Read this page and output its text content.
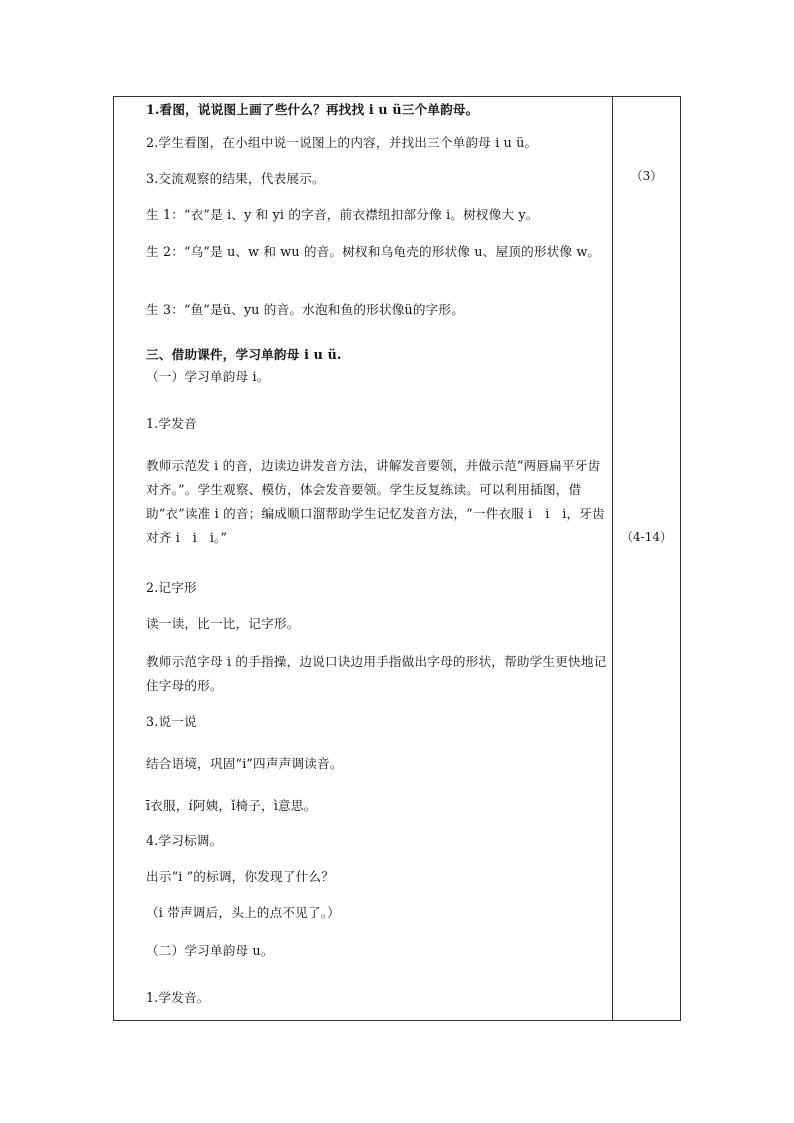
1.看图，说说图上画了些什么？再找找 i u ü三个单韵母。
2.学生看图，在小组中说一说图上的内容，并找出三个单韵母 i u ü。
3.交流观察的结果，代表展示。
生 1：“衣”是 i、y 和 yi 的字音，前衣襟纽扣部分像 i。树杈像大 y。
生 2：“乌”是 u、w 和 wu 的音。树杈和乌龟壳的形状像 u、屋顶的形状像 w。
生 3：“鱼”是ü、yu 的音。水泡和鱼的形状像ü的字形。
三、借助课件，学习单韵母 i u ü.
（一）学习单韵母 i。
1.学发音
教师示范发 i 的音，边读边讲发音方法，讲解发音要领，并做示范“两唇扁平牙齿对齐。”。学生观察、模仿，体会发音要领。学生反复练读。可以利用插图，借助“衣”读准 i 的音；编成顺口溜帮助学生记忆发音方法，“一件衣服 i　i　i，牙齿对齐 i　i　i。”
2.记字形
读一读，比一比，记字形。
教师示范字母 i 的手指操，边说口诀边用手指做出字母的形状，帮助学生更快地记住字母的形。
3.说一说
结合语境，巩固“i”四声声调读音。
ī衣服，í阿姨，ǐ椅子，ì意思。
4.学习标调。
出示“i ”的标调，你发现了什么？
（i 带声调后，头上的点不见了。）
（二）学习单韵母 u。
1.学发音。
（3）
（4-14）
